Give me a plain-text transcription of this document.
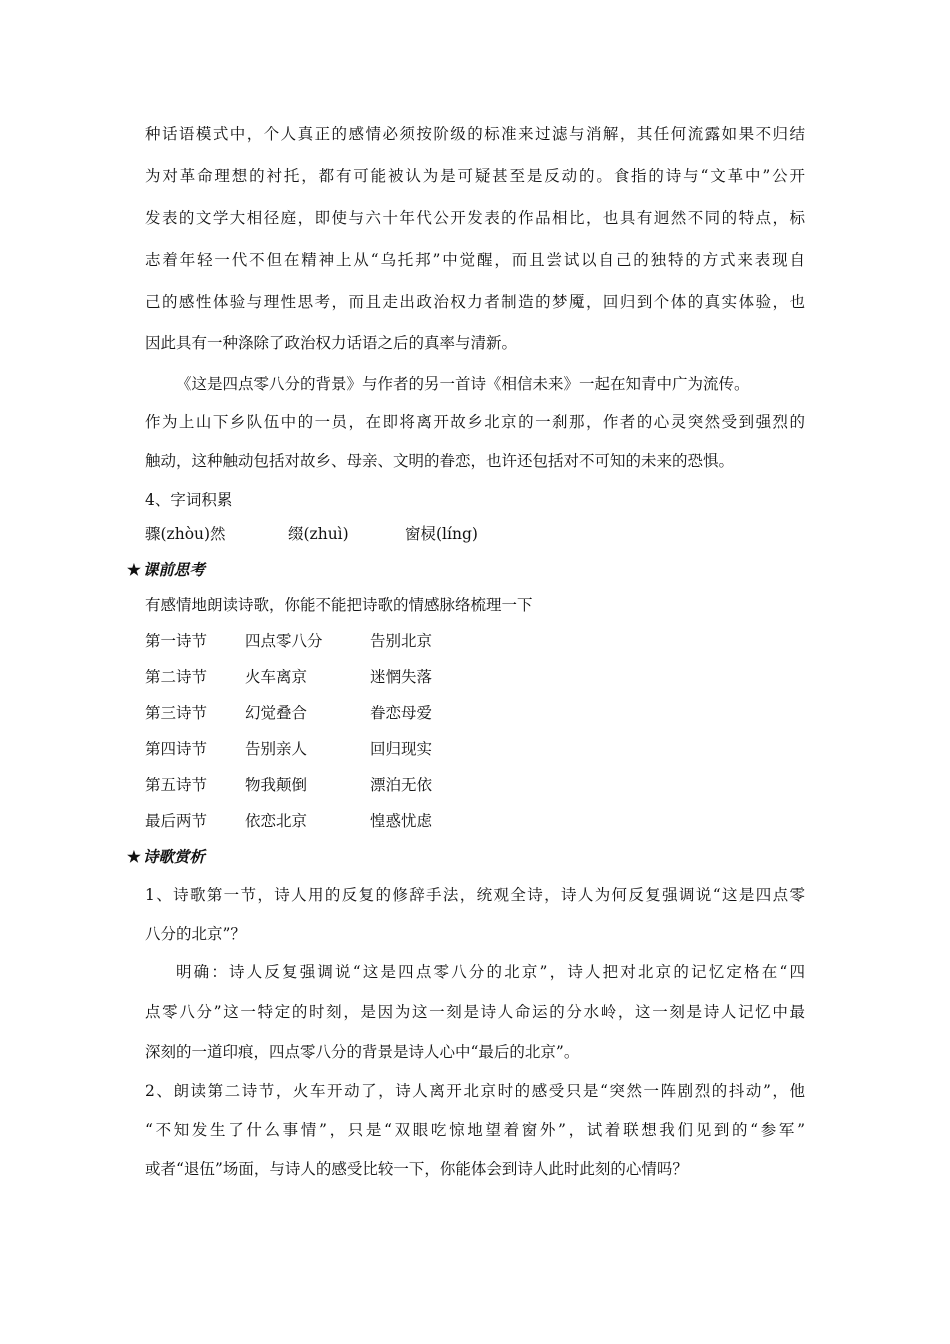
种话语模式中，个人真正的感情必须按阶级的标准来过滤与消解，其任何流露如果不归结
为对革命理想的衬托，都有可能被认为是可疑甚至是反动的。食指的诗与“文革中”公开
发表的文学大相径庭，即使与六十年代公开发表的作品相比，也具有迥然不同的特点，标
志着年轻一代不但在精神上从“乌托邦”中觉醒，而且尝试以自己的独特的方式来表现自
己的感性体验与理性思考，而且走出政治权力者制造的梦魇，回归到个体的真实体验，也
因此具有一种涤除了政治权力话语之后的真率与清新。
《这是四点零八分的背景》与作者的另一首诗《相信未来》一起在知青中广为流传。
作为上山下乡队伍中的一员，在即将离开故乡北京的一刹那，作者的心灵突然受到强烈的
触动，这种触动包括对故乡、母亲、文明的眷恋，也许还包括对不可知的未来的恐惧。
4、字词积累
骤(zhòu)然	缀(zhuì)	窗棂(líng)
★ 课前思考
有感情地朗读诗歌，你能不能把诗歌的情感脉络梳理一下
第一诗节 四点零八分	告别北京
第二诗节 火车离京	迷惘失落
第三诗节 幻觉叠合	眷恋母爱
第四诗节 告别亲人	回归现实
第五诗节 物我颠倒	漂泊无依
最后两节 依恋北京	惶惑忧虑
★ 诗歌赏析
1、诗歌第一节，诗人用的反复的修辞手法，统观全诗，诗人为何反复强调说“这是四点零
八分的北京”？
明确：诗人反复强调说“这是四点零八分的北京”，诗人把对北京的记忆定格在“四
点零八分”这一特定的时刻，是因为这一刻是诗人命运的分水岭，这一刻是诗人记忆中最
深刻的一道印痕，四点零八分的背景是诗人心中“最后的北京”。
2、朗读第二诗节，火车开动了，诗人离开北京时的感受只是“突然一阵剧烈的抖动”，他
“不知发生了什么事情”，只是“双眼吃惊地望着窗外”，试着联想我们见到的“参军”
或者“退伍”场面，与诗人的感受比较一下，你能体会到诗人此时此刻的心情吗？
